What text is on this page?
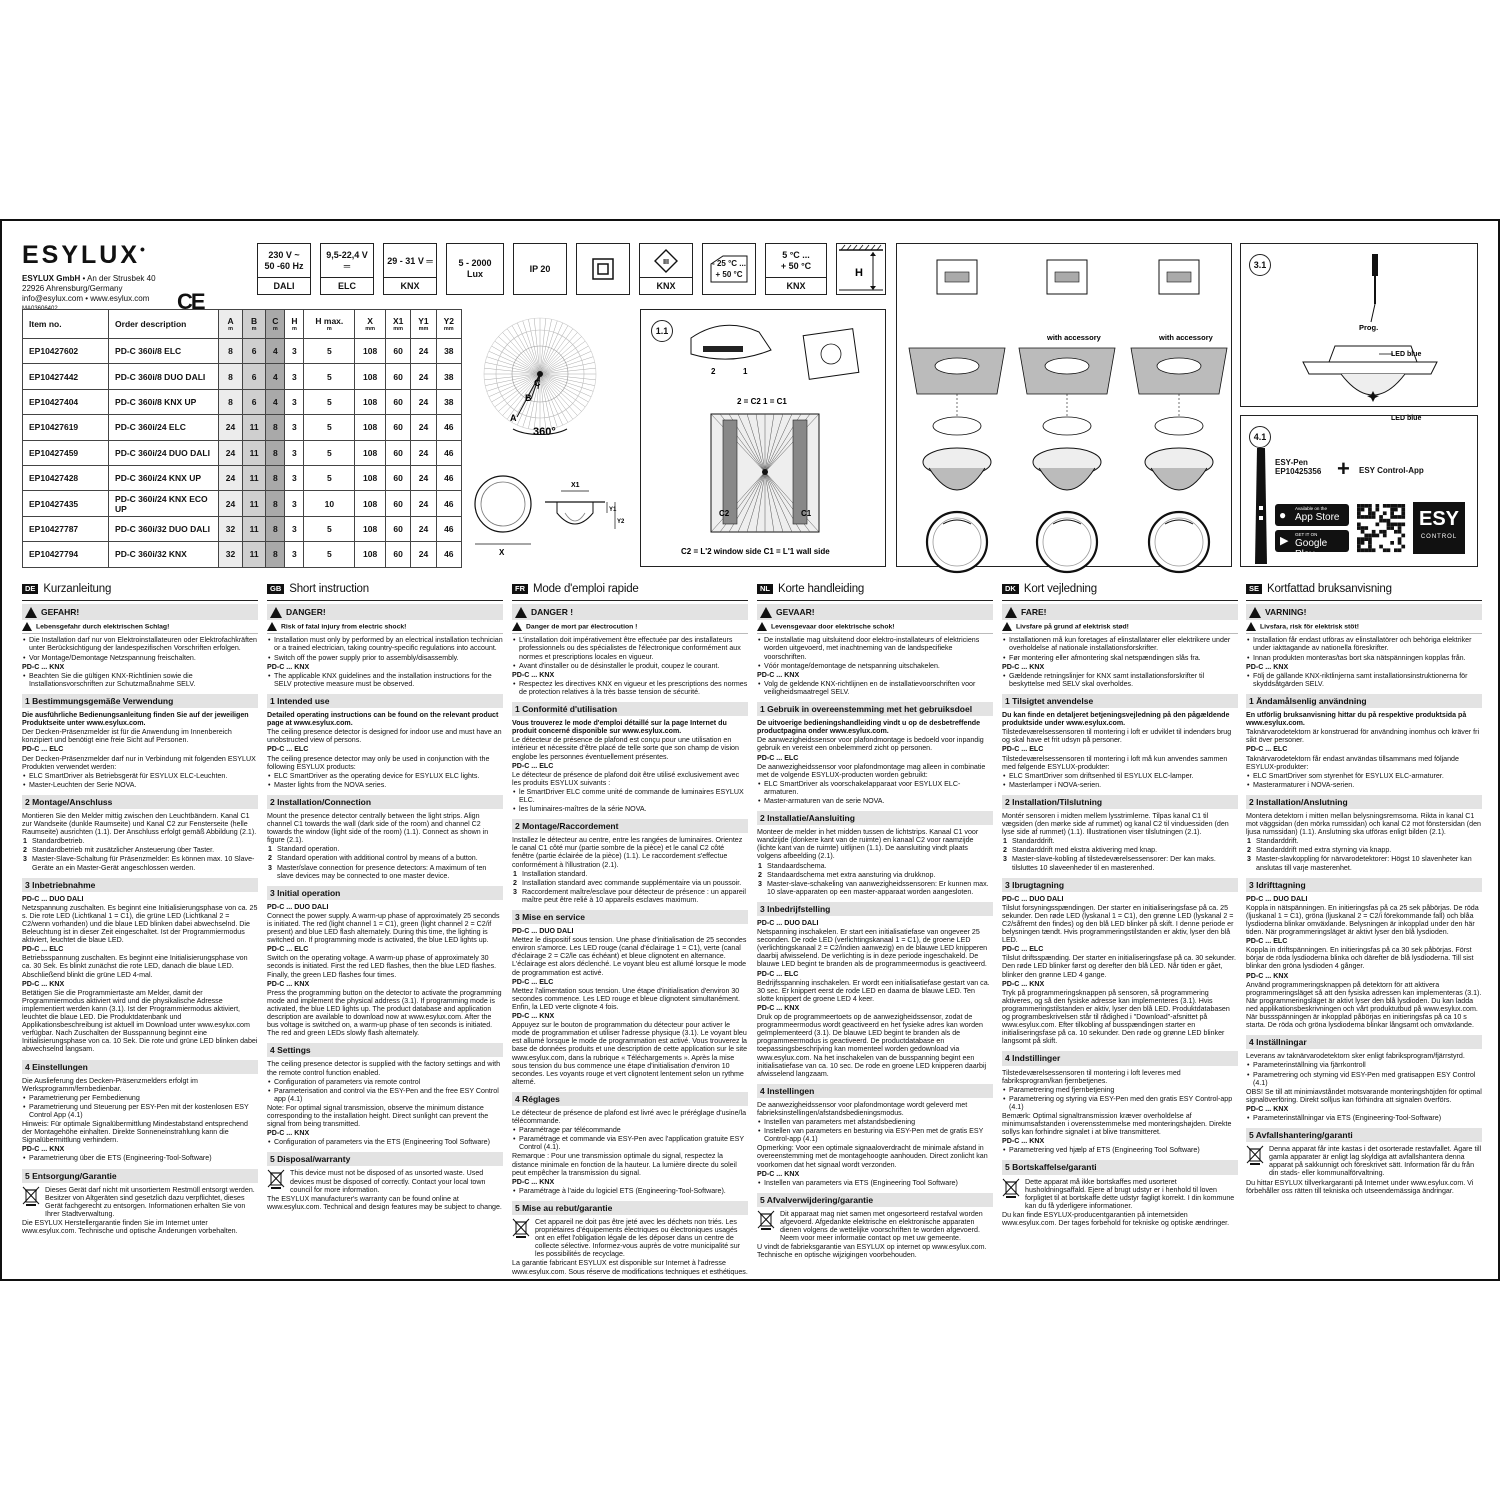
ESYLUX•
ESYLUX GmbH • An der Strusbek 40
22926 Ahrensburg/Germany
info@esylux.com • www.esylux.com
MA03606402	CE
230 V ~
50 -60 Hz
DALI
9,5-22,4 V ═
ELC
29 - 31 V ═
KNX
5 - 2000
Lux
IP 20
III
KNX
- 25 °C ...
+ 50 °C
5 °C ...
+ 50 °C
KNX
H
Item no.	Order description	A
m	B
m	C
m	H
m	H max.
m	X
mm	X1
mm	Y1
mm	Y2
mm

EP10427602	PD-C 360i/8 ELC	8	6	4	3	5	108	60	24	38
EP10427442	PD-C 360i/8 DUO DALI	8	6	4	3	5	108	60	24	38
EP10427404	PD-C 360i/8 KNX UP	8	6	4	3	5	108	60	24	38
EP10427619	PD-C 360i/24 ELC	24	11	8	3	5	108	60	24	46
EP10427459	PD-C 360i/24 DUO DALI	24	11	8	3	5	108	60	24	46
EP10427428	PD-C 360i/24 KNX UP	24	11	8	3	5	108	60	24	46
EP10427435	PD-C 360i/24 KNX ECO UP	24	11	8	3	10	108	60	24	46
EP10427787	PD-C 360i/32 DUO DALI	32	11	8	3	5	108	60	24	46
EP10427794	PD-C 360i/32 KNX	32	11	8	3	5	108	60	24	46
A
B
C
360°
X
X1
Y1
Y2
1.1
2	1
2 = C2 1 = C1
C2	C1
C2 = L'2 window side C1 = L'1 wall side
with accessory	with accessory
3.1
Prog.
LED blue
LED blue
4.1
ESY-Pen
EP10425356 + ESY Control-App
● Available on the
App Store
▶
GET IT ON
Google Play
ESY
CONTROL
DE Kurzanleitung
GEFAHR!
Lebensgefahr durch elektrischen Schlag!
• Die Installation darf nur von Elektroinstallateuren oder Elektrofachkräften unter Berücksichtigung der landespezifischen Vorschriften erfolgen.
• Vor Montage/Demontage Netzspannung freischalten.
PD-C ... KNX
• Beachten Sie die gültigen KNX-Richtlinien sowie die Installationsvorschriften zur Schutzmaßnahme SELV.
1 Bestimmungsgemäße Verwendung
Die ausführliche Bedienungsanleitung finden Sie auf der jeweiligen Produktseite unter www.esylux.com.
Der Decken-Präsenzmelder ist für die Anwendung im Innenbereich konzipiert und benötigt eine freie Sicht auf Personen.
PD-C ... ELC
Der Decken-Präsenzmelder darf nur in Verbindung mit folgenden ESYLUX Produkten verwendet werden:
• ELC SmartDriver als Betriebsgerät für ESYLUX ELC-Leuchten.
• Master-Leuchten der Serie NOVA.
2 Montage/Anschluss
Montieren Sie den Melder mittig zwischen den Leuchtbändern. Kanal C1 zur Wandseite (dunkle Raumseite) und Kanal C2 zur Fensterseite (helle Raumseite) ausrichten (1.1). Der Anschluss erfolgt gemäß Abbildung (2.1).
1 Standardbetrieb.
2 Standardbetrieb mit zusätzlicher Ansteuerung über Taster.
3 Master-Slave-Schaltung für Präsenzmelder: Es können max. 10 Slave-Geräte an ein Master-Gerät angeschlossen werden.
3 Inbetriebnahme
PD-C ... DUO DALI
Netzspannung zuschalten. Es beginnt eine Initialisierungsphase von ca. 25 s. Die rote LED (Lichtkanal 1 = C1), die grüne LED (Lichtkanal 2 = C2/wenn vorhanden) und die blaue LED blinken dabei abwechselnd. Die Beleuchtung ist in dieser Zeit eingeschaltet. Ist der Programmiermodus aktiviert, leuchtet die blaue LED.
PD-C ... ELC
Betriebsspannung zuschalten. Es beginnt eine Initialisierungsphase von ca. 30 Sek. Es blinkt zunächst die rote LED, danach die blaue LED. Abschließend blinkt die grüne LED 4-mal.
PD-C ... KNX
Betätigen Sie die Programmiertaste am Melder, damit der Programmiermodus aktiviert wird und die physikalische Adresse implementiert werden kann (3.1). Ist der Programmiermodus aktiviert, leuchtet die blaue LED. Die Produktdatenbank und Applikationsbeschreibung ist aktuell im Download unter www.esylux.com verfügbar. Nach Zuschalten der Busspannung beginnt eine Initialisierungsphase von ca. 10 Sek. Die rote und grüne LED blinken dabei abwechselnd langsam.
4 Einstellungen
Die Auslieferung des Decken-Präsenzmelders erfolgt im Werksprogramm/fernbedienbar.
• Parametrierung per Fernbedienung
• Parametrierung und Steuerung per ESY-Pen mit der kostenlosen ESY Control App (4.1)
Hinweis: Für optimale Signalübermittlung Mindestabstand entsprechend der Montagehöhe einhalten. Direkte Sonneneinstrahlung kann die Signalübermittlung verhindern.
PD-C ... KNX
• Parametrierung über die ETS (Engineering-Tool-Software)
5 Entsorgung/Garantie
Dieses Gerät darf nicht mit unsortiertem Restmüll entsorgt werden. Besitzer von Altgeräten sind gesetzlich dazu verpflichtet, dieses Gerät fachgerecht zu entsorgen. Informationen erhalten Sie von Ihrer Stadtverwaltung.
Die ESYLUX Herstellergarantie finden Sie im Internet unter www.esylux.com. Technische und optische Änderungen vorbehalten.
GB Short instruction
DANGER!
Risk of fatal injury from electric shock!
• Installation must only by performed by an electrical installation technician or a trained electrician, taking country-specific regulations into account.
• Switch off the power supply prior to assembly/disassembly.
PD-C ... KNX
• The applicable KNX guidelines and the installation instructions for the SELV protective measure must be observed.
1 Intended use
Detailed operating instructions can be found on the relevant product page at www.esylux.com.
The ceiling presence detector is designed for indoor use and must have an unobstructed view of persons.
PD-C ... ELC
The ceiling presence detector may only be used in conjunction with the following ESYLUX products:
• ELC SmartDriver as the operating device for ESYLUX ELC lights.
• Master lights from the NOVA series.
2 Installation/Connection
Mount the presence detector centrally between the light strips. Align channel C1 towards the wall (dark side of the room) and channel C2 towards the window (light side of the room) (1.1). Connect as shown in figure (2.1).
1 Standard operation.
2 Standard operation with additional control by means of a button.
3 Master/slave connection for presence detectors: A maximum of ten slave devices may be connected to one master device.
3 Initial operation
PD-C ... DUO DALI
Connect the power supply. A warm-up phase of approximately 25 seconds is initiated. The red (light channel 1 = C1), green (light channel 2 = C2/if present) and blue LED flash alternately. During this time, the lighting is switched on. If programming mode is activated, the blue LED lights up.
PD-C ... ELC
Switch on the operating voltage. A warm-up phase of approximately 30 seconds is initiated. First the red LED flashes, then the blue LED flashes. Finally, the green LED flashes four times.
PD-C ... KNX
Press the programming button on the detector to activate the programming mode and implement the physical address (3.1). If programming mode is activated, the blue LED lights up. The product database and application description are available to download now at www.esylux.com. After the bus voltage is switched on, a warm-up phase of ten seconds is initiated. The red and green LEDs slowly flash alternately.
4 Settings
The ceiling presence detector is supplied with the factory settings and with the remote control function enabled.
• Configuration of parameters via remote control
• Parameterisation and control via the ESY-Pen and the free ESY Control app (4.1)
Note: For optimal signal transmission, observe the minimum distance corresponding to the installation height. Direct sunlight can prevent the signal from being transmitted.
PD-C ... KNX
• Configuration of parameters via the ETS (Engineering Tool Software)
5 Disposal/warranty
This device must not be disposed of as unsorted waste. Used devices must be disposed of correctly. Contact your local town council for more information.
The ESYLUX manufacturer's warranty can be found online at www.esylux.com. Technical and design features may be subject to change.
FR Mode d'emploi rapide
DANGER !
Danger de mort par électrocution !
• L'installation doit impérativement être effectuée par des installateurs professionnels ou des spécialistes de l'électronique conformément aux normes et prescriptions locales en vigueur.
• Avant d'installer ou de désinstaller le produit, coupez le courant.
PD-C ... KNX
• Respectez les directives KNX en vigueur et les prescriptions des normes de protection relatives à la très basse tension de sécurité.
1 Conformité d'utilisation
Vous trouverez le mode d'emploi détaillé sur la page Internet du produit concerné disponible sur www.esylux.com.
Le détecteur de présence de plafond est conçu pour une utilisation en intérieur et nécessite d'être placé de telle sorte que son champ de vision englobe les personnes éventuellement présentes.
PD-C ... ELC
Le détecteur de présence de plafond doit être utilisé exclusivement avec les produits ESYLUX suivants :
• le SmartDriver ELC comme unité de commande de luminaires ESYLUX ELC.
• les luminaires-maîtres de la série NOVA.
2 Montage/Raccordement
Installez le détecteur au centre, entre les rangées de luminaires. Orientez le canal C1 côté mur (partie sombre de la pièce) et le canal C2 côté fenêtre (partie éclairée de la pièce) (1.1). Le raccordement s'effectue conformément à l'illustration (2.1).
1 Installation standard.
2 Installation standard avec commande supplémentaire via un poussoir.
3 Raccordement maître/esclave pour détecteur de présence : un appareil maître peut être relié à 10 appareils esclaves maximum.
3 Mise en service
PD-C ... DUO DALI
Mettez le dispositif sous tension. Une phase d'initialisation de 25 secondes environ s'amorce. Les LED rouge (canal d'éclairage 1 = C1), verte (canal d'éclairage 2 = C2/le cas échéant) et bleue clignotent en alternance. L'éclairage est alors déclenché. Le voyant bleu est allumé lorsque le mode de programmation est activé.
PD-C ... ELC
Mettez l'alimentation sous tension. Une étape d'initialisation d'environ 30 secondes commence. Les LED rouge et bleue clignotent simultanément. Enfin, la LED verte clignote 4 fois.
PD-C ... KNX
Appuyez sur le bouton de programmation du détecteur pour activer le mode de programmation et utiliser l'adresse physique (3.1). Le voyant bleu est allumé lorsque le mode de programmation est activé. Vous trouverez la base de données produits et une description de cette application sur le site www.esylux.com, dans la rubrique « Téléchargements ». Après la mise sous tension du bus commence une étape d'initialisation d'environ 10 secondes. Les voyants rouge et vert clignotent lentement selon un rythme alterné.
4 Réglages
Le détecteur de présence de plafond est livré avec le préréglage d'usine/la télécommande.
• Paramétrage par télécommande
• Paramétrage et commande via ESY-Pen avec l'application gratuite ESY Control (4.1).
Remarque : Pour une transmission optimale du signal, respectez la distance minimale en fonction de la hauteur. La lumière directe du soleil peut empêcher la transmission du signal.
PD-C ... KNX
• Paramétrage à l'aide du logiciel ETS (Engineering-Tool-Software).
5 Mise au rebut/garantie
Cet appareil ne doit pas être jeté avec les déchets non triés. Les propriétaires d'équipements électriques ou électroniques usagés ont en effet l'obligation légale de les déposer dans un centre de collecte sélective. Informez-vous auprès de votre municipalité sur les possibilités de recyclage.
La garantie fabricant ESYLUX est disponible sur Internet à l'adresse www.esylux.com. Sous réserve de modifications techniques et esthétiques.
NL Korte handleiding
GEVAAR!
Levensgevaar door elektrische schok!
• De installatie mag uitsluitend door elektro-installateurs of elektriciens worden uitgevoerd, met inachtneming van de landspecifieke voorschriften.
• Vóór montage/demontage de netspanning uitschakelen.
PD-C ... KNX
• Volg de geldende KNX-richtlijnen en de installatievoorschriften voor veiligheidsmaatregel SELV.
1 Gebruik in overeenstemming met het gebruiksdoel
De uitvoerige bedieningshandleiding vindt u op de desbetreffende productpagina onder www.esylux.com.
De aanwezigheidssensor voor plafondmontage is bedoeld voor inpandig gebruik en vereist een onbelemmerd zicht op personen.
PD-C ... ELC
De aanwezigheidssensor voor plafondmontage mag alleen in combinatie met de volgende ESYLUX-producten worden gebruikt:
• ELC SmartDriver als voorschakelapparaat voor ESYLUX ELC-armaturen.
• Master-armaturen van de serie NOVA.
2 Installatie/Aansluiting
Monteer de melder in het midden tussen de lichtstrips. Kanaal C1 voor wandzijde (donkere kant van de ruimte) en kanaal C2 voor raamzijde (lichte kant van de ruimte) uitlijnen (1.1). De aansluiting vindt plaats volgens afbeelding (2.1).
1 Standaardschema.
2 Standaardschema met extra aansturing via drukknop.
3 Master-slave-schakeling van aanwezigheidssensoren: Er kunnen max. 10 slave-apparaten op een master-apparaat worden aangesloten.
3 Inbedrijfstelling
PD-C ... DUO DALI
Netspanning inschakelen. Er start een initialisatiefase van ongeveer 25 seconden. De rode LED (verlichtingskanaal 1 = C1), de groene LED (verlichtingskanaal 2 = C2/indien aanwezig) en de blauwe LED knipperen daarbij afwisselend. De verlichting is in deze periode ingeschakeld. De blauwe LED begint te branden als de programmeermodus is geactiveerd.
PD-C ... ELC
Bedrijfsspanning inschakelen. Er wordt een initialisatiefase gestart van ca. 30 sec. Er knippert eerst de rode LED en daarna de blauwe LED. Ten slotte knippert de groene LED 4 keer.
PD-C ... KNX
Druk op de programmeertoets op de aanwezigheidssensor, zodat de programmeermodus wordt geactiveerd en het fysieke adres kan worden geïmplementeerd (3.1). De blauwe LED begint te branden als de programmeermodus is geactiveerd. De productdatabase en toepassingsbeschrijving kan momenteel worden gedownload via www.esylux.com. Na het inschakelen van de busspanning begint een initialisatiefase van ca. 10 sec. De rode en groene LED knipperen daarbij afwisselend langzaam.
4 Instellingen
De aanwezigheidssensor voor plafondmontage wordt geleverd met fabrieksinstellingen/afstandsbedieningsmodus.
• Instellen van parameters met afstandsbediening
• Instellen van parameters en besturing via ESY-Pen met de gratis ESY Control-app (4.1)
Opmerking: Voor een optimale signaaloverdracht de minimale afstand in overeenstemming met de montagehoogte aanhouden. Direct zonlicht kan voorkomen dat het signaal wordt verzonden.
PD-C ... KNX
• Instellen van parameters via ETS (Engineering Tool Software)
5 Afvalverwijdering/garantie
Dit apparaat mag niet samen met ongesorteerd restafval worden afgevoerd. Afgedankte elektrische en elektronische apparaten dienen volgens de wettelijke voorschriften te worden afgevoerd. Neem voor meer informatie contact op met uw gemeente.
U vindt de fabrieksgarantie van ESYLUX op internet op www.esylux.com. Technische en optische wijzigingen voorbehouden.
DK Kort vejledning
FARE!
Livsfare på grund af elektrisk stød!
• Installationen må kun foretages af elinstallatører eller elektrikere under overholdelse af nationale installationsforskrifter.
• Før montering eller afmontering skal netspændingen slås fra.
PD-C ... KNX
• Gældende retningslinjer for KNX samt installationsforskrifter til beskyttelse med SELV skal overholdes.
1 Tilsigtet anvendelse
Du kan finde en detaljeret betjeningsvejledning på den pågældende produktside under www.esylux.com.
Tilstedeværelsessensoren til montering i loft er udviklet til indendørs brug og skal have et frit udsyn på personer.
PD-C ... ELC
Tilstedeværelsessensoren til montering i loft må kun anvendes sammen med følgende ESYLUX-produkter:
• ELC SmartDriver som driftsenhed til ESYLUX ELC-lamper.
• Masterlamper i NOVA-serien.
2 Installation/Tilslutning
Montér sensoren i midten mellem lysstrimlerne. Tilpas kanal C1 til vægsiden (den mørke side af rummet) og kanal C2 til vinduessiden (den lyse side af rummet) (1.1). Illustrationen viser tilslutningen (2.1).
1 Standarddrift.
2 Standarddrift med ekstra aktivering med knap.
3 Master-slave-kobling af tilstedeværelsessensorer: Der kan maks. tilsluttes 10 slaveenheder til en masterenhed.
3 Ibrugtagning
PD-C ... DUO DALI
Tilslut forsyningsspændingen. Der starter en initialiseringsfase på ca. 25 sekunder. Den røde LED (lyskanal 1 = C1), den grønne LED (lyskanal 2 = C2/såfremt den findes) og den blå LED blinker på skift. I denne periode er belysningen tændt. Hvis programmeringstilstanden er aktiv, lyser den blå LED.
PD-C ... ELC
Tilslut driftsspænding. Der starter en initialiseringsfase på ca. 30 sekunder. Den røde LED blinker først og derefter den blå LED. Når tiden er gået, blinker den grønne LED 4 gange.
PD-C ... KNX
Tryk på programmeringsknappen på sensoren, så programmering aktiveres, og så den fysiske adresse kan implementeres (3.1). Hvis programmeringstilstanden er aktiv, lyser den blå LED. Produktdatabasen og programbeskrivelsen står til rådighed i "Download"-afsnittet på www.esylux.com. Efter tilkobling af busspændingen starter en initialiseringsfase på ca. 10 sekunder. Den røde og grønne LED blinker langsomt på skift.
4 Indstillinger
Tilstedeværelsessensoren til montering i loft leveres med fabriksprogram/kan fjernbetjenes.
• Parametrering med fjernbetjening
• Parametrering og styring via ESY-Pen med den gratis ESY Control-app (4.1)
Bemærk: Optimal signaltransmission kræver overholdelse af minimumsafstanden i overensstemmelse med monteringshøjden. Direkte sollys kan forhindre signalet i at blive transmitteret.
PD-C ... KNX
• Parametrering ved hjælp af ETS (Engineering Tool Software)
5 Bortskaffelse/garanti
Dette apparat må ikke bortskaffes med usorteret husholdningsaffald. Ejere af brugt udstyr er i henhold til loven forpligtet til at bortskaffe dette udstyr fagligt korrekt. I din kommune kan du få yderligere informationer.
Du kan finde ESYLUX-producentgarantien på internetsiden www.esylux.com. Der tages forbehold for tekniske og optiske ændringer.
SE Kortfattad bruksanvisning
VARNING!
Livsfara, risk för elektrisk stöt!
• Installation får endast utföras av elinstallatörer och behöriga elektriker under iakttagande av nationella föreskrifter.
• Innan produkten monteras/tas bort ska nätspänningen kopplas från.
PD-C ... KNX
• Följ de gällande KNX-riktlinjerna samt installationsinstruktionerna för skyddsåtgärden SELV.
1 Ändamålsenlig användning
En utförlig bruksanvisning hittar du på respektive produktsida på www.esylux.com.
Taknärvarodetektorn är konstruerad för användning inomhus och kräver fri sikt över personer.
PD-C ... ELC
Taknärvarodetektorn får endast användas tillsammans med följande ESYLUX-produkter:
• ELC SmartDriver som styrenhet för ESYLUX ELC-armaturer.
• Masterarmaturer i NOVA-serien.
2 Installation/Anslutning
Montera detektorn i mitten mellan belysningsremsorna. Rikta in kanal C1 mot väggsidan (den mörka rumssidan) och kanal C2 mot fönstersidan (den ljusa rumssidan) (1.1). Anslutning ska utföras enligt bilden (2.1).
1 Standarddrift.
2 Standarddrift med extra styrning via knapp.
3 Master-slavkoppling för närvarodetektorer: Högst 10 slavenheter kan anslutas till varje masterenhet.
3 Idrifttagning
PD-C ... DUO DALI
Koppla in nätspänningen. En initieringsfas på ca 25 sek påbörjas. De röda (ljuskanal 1 = C1), gröna (ljuskanal 2 = C2/i förekommande fall) och blåa lysdioderna blinkar omväxlande. Belysningen är inkopplad under den här tiden. När programmeringsläget är aktivt lyser den blå lysdioden.
PD-C ... ELC
Koppla in driftspänningen. En initieringsfas på ca 30 sek påbörjas. Först börjar de röda lysdioderna blinka och därefter de blå lysdioderna. Till sist blinkar den gröna lysdioden 4 gånger.
PD-C ... KNX
Använd programmeringsknappen på detektorn för att aktivera programmeringsläget så att den fysiska adressen kan implementeras (3.1). När programmeringsläget är aktivt lyser den blå lysdioden. Du kan ladda ned applikationsbeskrivningen och vårt produktutbud på www.esylux.com. När bussspänningen är inkopplad påbörjas en initieringsfas på ca 10 s starta. De röda och gröna lysdioderna blinkar långsamt och omväxlande.
4 Inställningar
Leverans av taknärvarodetektorn sker enligt fabriksprogram/fjärrstyrd.
• Parameterinställning via fjärrkontroll
• Parametrering och styrning vid ESY-Pen med gratisappen ESY Control (4.1)
OBS! Se till att minimiavståndet motsvarande monteringshöjden för optimal signalöverföring. Direkt solljus kan förhindra att signalen överförs.
PD-C ... KNX
• Parameterinställningar via ETS (Engineering-Tool-Software)
5 Avfallshantering/garanti
Denna apparat får inte kastas i det osorterade restavfallet. Ägare till gamla apparater är enligt lag skyldiga att avfallshantera denna apparat på sakkunnigt och föreskrivet sätt. Information får du från din stads- eller kommunalförvaltning.
Du hittar ESYLUX tillverkargaranti på Internet under www.esylux.com. Vi förbehåller oss rätten till tekniska och utseendemässiga ändringar.
